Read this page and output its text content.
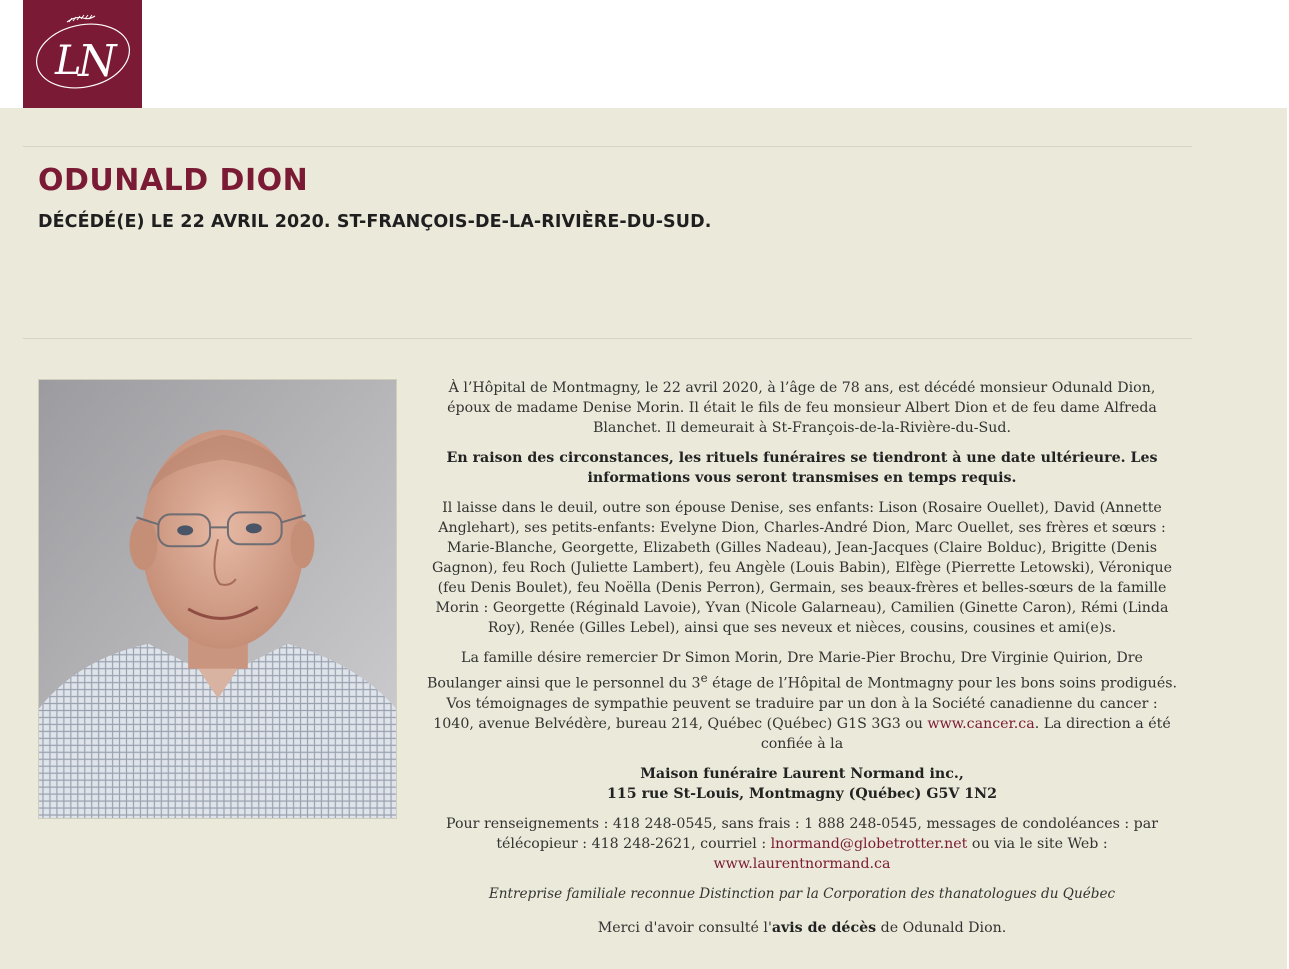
L
N
ODUNALD DION
DÉCÉDÉ(E) LE 22 AVRIL 2020. ST-FRANÇOIS-DE-LA-RIVIÈRE-DU-SUD.

À l’Hôpital de Montmagny, le 22 avril 2020, à l’âge de 78 ans, est décédé monsieur Odunald Dion, époux de madame Denise Morin. Il était le fils de feu monsieur Albert Dion et de feu dame Alfreda Blanchet. Il demeurait à St-François-de-la-Rivière-du-Sud.

En raison des circonstances, les rituels funéraires se tiendront à une date ultérieure. Les informations vous seront transmises en temps requis.

Il laisse dans le deuil, outre son épouse Denise, ses enfants: Lison (Rosaire Ouellet), David (Annette Anglehart), ses petits-enfants: Evelyne Dion, Charles-André Dion, Marc Ouellet, ses frères et sœurs : Marie-Blanche, Georgette, Elizabeth (Gilles Nadeau), Jean-Jacques (Claire Bolduc), Brigitte (Denis Gagnon), feu Roch (Juliette Lambert), feu Angèle (Louis Babin), Elfège (Pierrette Letowski), Véronique (feu Denis Boulet), feu Noëlla (Denis Perron), Germain, ses beaux-frères et belles-sœurs de la famille Morin : Georgette (Réginald Lavoie), Yvan (Nicole Galarneau), Camilien (Ginette Caron), Rémi (Linda Roy), Renée (Gilles Lebel), ainsi que ses neveux et nièces, cousins, cousines et ami(e)s.

La famille désire remercier Dr Simon Morin, Dre Marie-Pier Brochu, Dre Virginie Quirion, Dre Boulanger ainsi que le personnel du 3e étage de l’Hôpital de Montmagny pour les bons soins prodigués. Vos témoignages de sympathie peuvent se traduire par un don à la Société canadienne du cancer : 1040, avenue Belvédère, bureau 214, Québec (Québec) G1S 3G3 ou www.cancer.ca. La direction a été confiée à la

Maison funéraire Laurent Normand inc.,
115 rue St-Louis, Montmagny (Québec) G5V 1N2

Pour renseignements : 418 248-0545, sans frais : 1 888 248-0545, messages de condoléances : par télécopieur : 418 248-2621, courriel : lnormand@globetrotter.net ou via le site Web : www.laurentnormand.ca

Entreprise familiale reconnue Distinction par la Corporation des thanatologues du Québec

Merci d'avoir consulté l'avis de décès de Odunald Dion.
